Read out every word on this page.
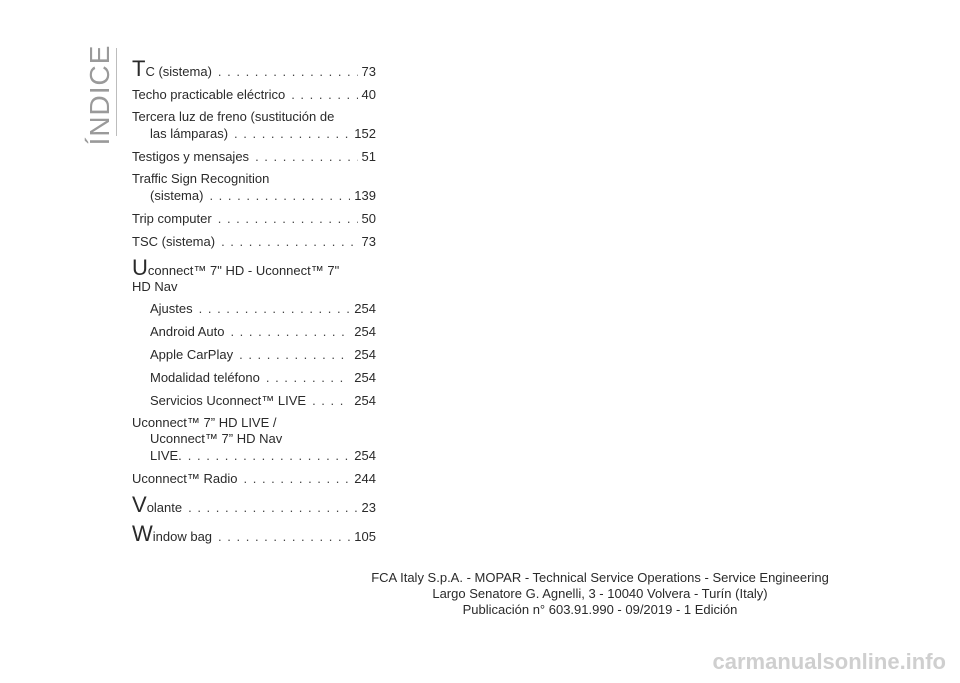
ÍNDICE TC (sistema) . . .	73
Techo practicable eléctrico . . .	40
Tercera luz de freno (sustitución de
las lámparas) . . .	152
Testigos y mensajes . . .	51
Traffic Sign Recognition
(sistema) . . .	139
Trip computer . . .	50
TSC (sistema) . . .	73
Uconnect™ 7" HD - Uconnect™ 7"
HD Nav
Ajustes . . .	254
Android Auto . . .	254
Apple CarPlay . . .	254
Modalidad teléfono . . .	254
Servicios Uconnect™ LIVE . . .	254
Uconnect™ 7” HD LIVE /
Uconnect™ 7” HD Nav
LIVE. . . .	254
Uconnect™ Radio . . .	244
Volante . . .	23
Window bag . . .	105
FCA Italy S.p.A. - MOPAR - Technical Service Operations - Service Engineering
Largo Senatore G. Agnelli, 3 - 10040 Volvera - Turín (Italy)
Publicación n° 603.91.990 - 09/2019 - 1 Edición
carmanualsonline.info
